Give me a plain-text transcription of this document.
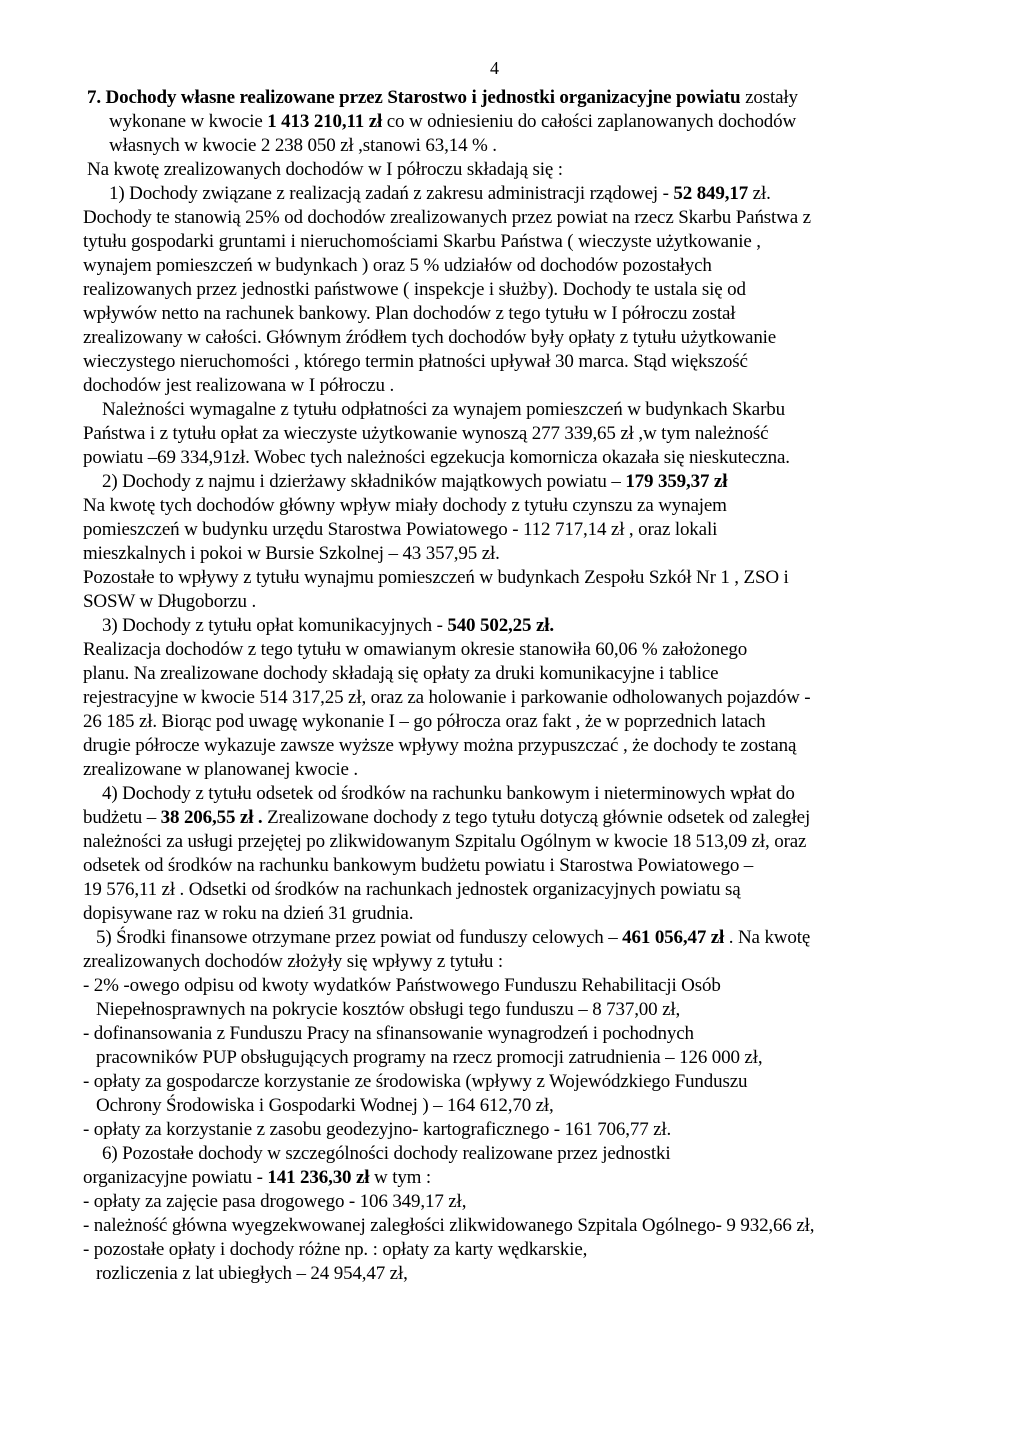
4
7. Dochody własne realizowane przez Starostwo i jednostki organizacyjne powiatu zostały
wykonane w kwocie 1 413 210,11 zł co w odniesieniu do całości zaplanowanych dochodów
własnych w kwocie 2 238 050 zł ,stanowi 63,14 % .
Na kwotę zrealizowanych dochodów w I półroczu składają się :
1) Dochody związane z realizacją zadań z zakresu administracji rządowej - 52 849,17 zł.
Dochody te stanowią 25% od dochodów zrealizowanych przez powiat na rzecz Skarbu Państwa z
tytułu gospodarki gruntami i nieruchomościami Skarbu Państwa ( wieczyste użytkowanie ,
wynajem pomieszczeń w budynkach ) oraz 5 % udziałów od dochodów pozostałych
realizowanych przez jednostki państwowe ( inspekcje i służby). Dochody te ustala się od
wpływów netto na rachunek bankowy. Plan dochodów z tego tytułu w I półroczu został
zrealizowany w całości. Głównym źródłem tych dochodów były opłaty z tytułu użytkowanie
wieczystego nieruchomości , którego termin płatności upływał 30 marca. Stąd większość
dochodów jest realizowana w I półroczu .
Należności wymagalne z tytułu odpłatności za wynajem pomieszczeń w budynkach Skarbu
Państwa i z tytułu opłat za wieczyste użytkowanie wynoszą 277 339,65 zł ,w tym należność
powiatu –69 334,91zł. Wobec tych należności egzekucja komornicza okazała się nieskuteczna.
2) Dochody z najmu i dzierżawy składników majątkowych powiatu – 179 359,37 zł
Na kwotę tych dochodów główny wpływ miały dochody z tytułu czynszu za wynajem
pomieszczeń w budynku urzędu Starostwa Powiatowego - 112 717,14 zł , oraz lokali
mieszkalnych i pokoi w Bursie Szkolnej – 43 357,95 zł.
Pozostałe to wpływy z tytułu wynajmu pomieszczeń w budynkach Zespołu Szkół Nr 1 , ZSO i
SOSW w Długoborzu .
3) Dochody z tytułu opłat komunikacyjnych - 540 502,25 zł.
Realizacja dochodów z tego tytułu w omawianym okresie stanowiła 60,06 % założonego
planu. Na zrealizowane dochody składają się opłaty za druki komunikacyjne i tablice
rejestracyjne w kwocie 514 317,25 zł, oraz za holowanie i parkowanie odholowanych pojazdów -
26 185 zł. Biorąc pod uwagę wykonanie I – go półrocza oraz fakt , że w poprzednich latach
drugie półrocze wykazuje zawsze wyższe wpływy można przypuszczać , że dochody te zostaną
zrealizowane w planowanej kwocie .
4) Dochody z tytułu odsetek od środków na rachunku bankowym i nieterminowych wpłat do
budżetu – 38 206,55 zł . Zrealizowane dochody z tego tytułu dotyczą głównie odsetek od zaległej
należności za usługi przejętej po zlikwidowanym Szpitalu Ogólnym w kwocie 18 513,09 zł, oraz
odsetek od środków na rachunku bankowym budżetu powiatu i Starostwa Powiatowego –
19 576,11 zł . Odsetki od środków na rachunkach jednostek organizacyjnych powiatu są
dopisywane raz w roku na dzień 31 grudnia.
5) Środki finansowe otrzymane przez powiat od funduszy celowych – 461 056,47 zł . Na kwotę
zrealizowanych dochodów złożyły się wpływy z tytułu :
- 2% -owego odpisu od kwoty wydatków Państwowego Funduszu Rehabilitacji Osób
Niepełnosprawnych na pokrycie kosztów obsługi tego funduszu – 8 737,00 zł,
- dofinansowania z Funduszu Pracy na sfinansowanie wynagrodzeń i pochodnych
pracowników PUP obsługujących programy na rzecz promocji zatrudnienia – 126 000 zł,
- opłaty za gospodarcze korzystanie ze środowiska (wpływy z Wojewódzkiego Funduszu
Ochrony Środowiska i Gospodarki Wodnej ) – 164 612,70 zł,
- opłaty za korzystanie z zasobu geodezyjno- kartograficznego - 161 706,77 zł.
6) Pozostałe dochody w szczególności dochody realizowane przez jednostki
organizacyjne powiatu - 141 236,30 zł w tym :
- opłaty za zajęcie pasa drogowego - 106 349,17 zł,
- należność główna wyegzekwowanej zaległości zlikwidowanego Szpitala Ogólnego- 9 932,66 zł,
- pozostałe opłaty i dochody różne np. : opłaty za karty wędkarskie,
rozliczenia z lat ubiegłych – 24 954,47 zł,
